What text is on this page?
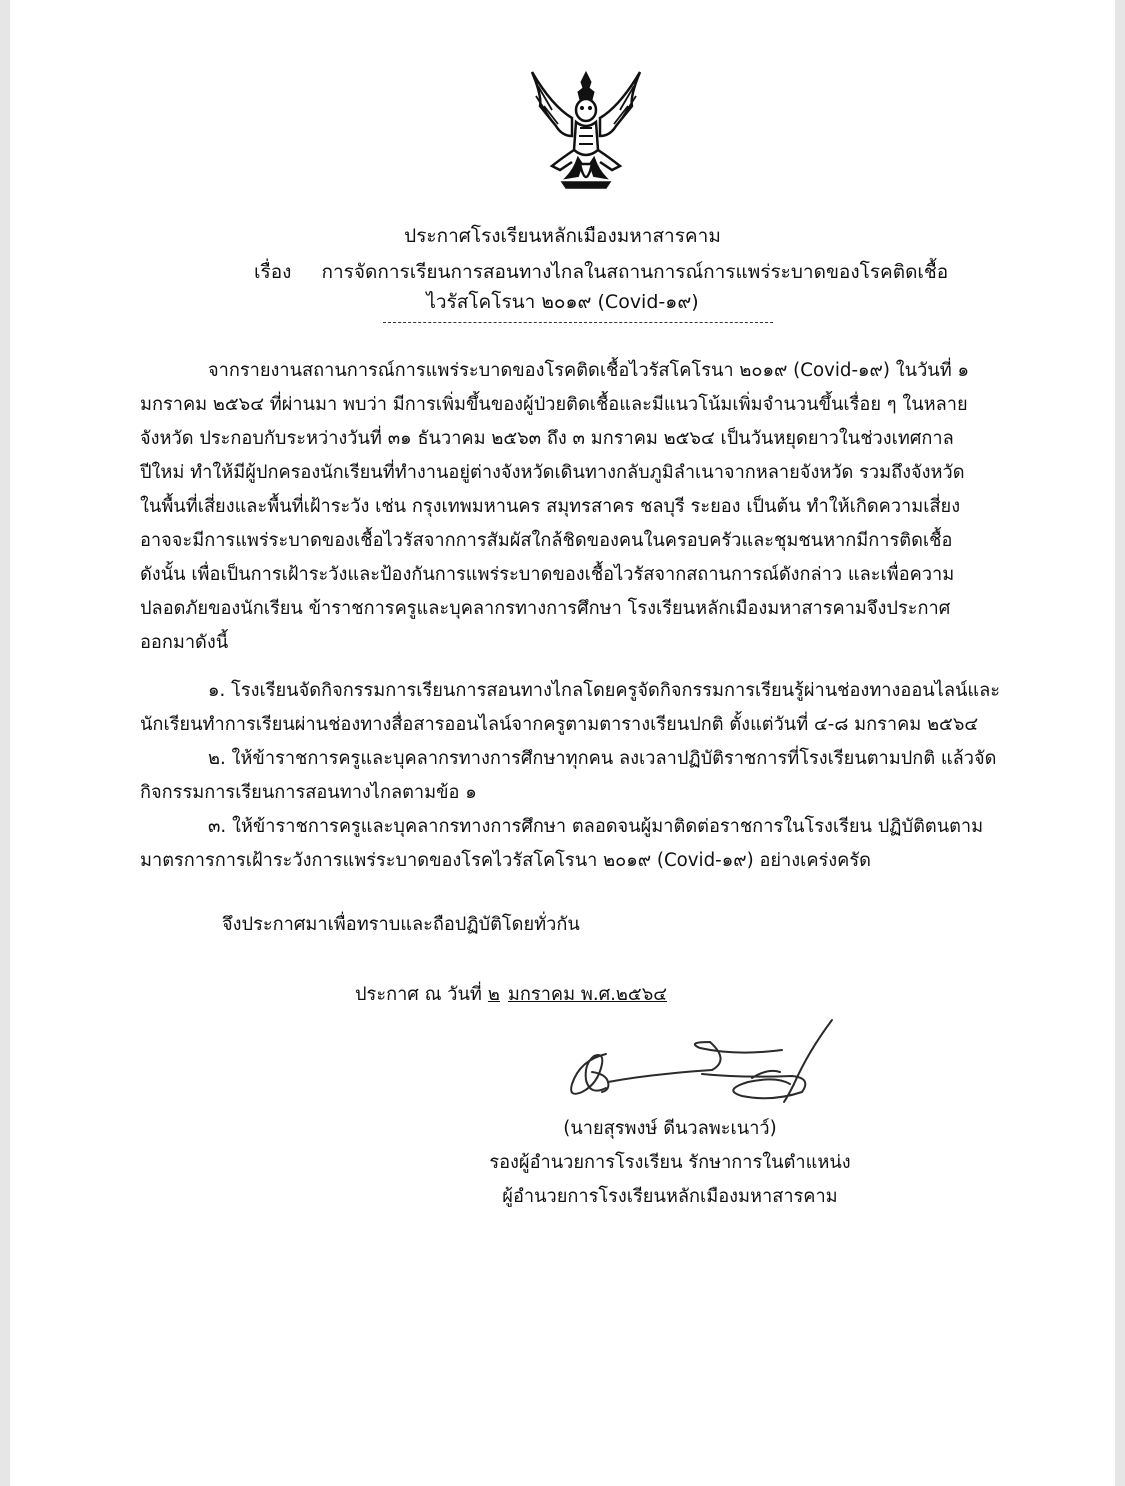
ประกาศโรงเรียนหลักเมืองมหาสารคาม
เรื่อง การจัดการเรียนการสอนทางไกลในสถานการณ์การแพร่ระบาดของโรคติดเชื้อ
ไวรัสโคโรนา ๒๐๑๙ (Covid-๑๙)
จากรายงานสถานการณ์การแพร่ระบาดของโรคติดเชื้อไวรัสโคโรนา ๒๐๑๙ (Covid-๑๙) ในวันที่ ๑
มกราคม ๒๕๖๔ ที่ผ่านมา พบว่า มีการเพิ่มขึ้นของผู้ป่วยติดเชื้อและมีแนวโน้มเพิ่มจำนวนขึ้นเรื่อย ๆ ในหลาย
จังหวัด ประกอบกับระหว่างวันที่ ๓๑ ธันวาคม ๒๕๖๓ ถึง ๓ มกราคม ๒๕๖๔ เป็นวันหยุดยาวในช่วงเทศกาล
ปีใหม่ ทำให้มีผู้ปกครองนักเรียนที่ทำงานอยู่ต่างจังหวัดเดินทางกลับภูมิลำเนาจากหลายจังหวัด รวมถึงจังหวัด
ในพื้นที่เสี่ยงและพื้นที่เฝ้าระวัง เช่น กรุงเทพมหานคร สมุทรสาคร ชลบุรี ระยอง เป็นต้น ทำให้เกิดความเสี่ยง
อาจจะมีการแพร่ระบาดของเชื้อไวรัสจากการสัมผัสใกล้ชิดของคนในครอบครัวและชุมชนหากมีการติดเชื้อ
ดังนั้น เพื่อเป็นการเฝ้าระวังและป้องกันการแพร่ระบาดของเชื้อไวรัสจากสถานการณ์ดังกล่าว และเพื่อความ
ปลอดภัยของนักเรียน ข้าราชการครูและบุคลากรทางการศึกษา โรงเรียนหลักเมืองมหาสารคามจึงประกาศ
ออกมาดังนี้
๑. โรงเรียนจัดกิจกรรมการเรียนการสอนทางไกลโดยครูจัดกิจกรรมการเรียนรู้ผ่านช่องทางออนไลน์และ
นักเรียนทำการเรียนผ่านช่องทางสื่อสารออนไลน์จากครูตามตารางเรียนปกติ ตั้งแต่วันที่ ๔-๘ มกราคม ๒๕๖๔
๒. ให้ข้าราชการครูและบุคลากรทางการศึกษาทุกคน ลงเวลาปฏิบัติราชการที่โรงเรียนตามปกติ แล้วจัด
กิจกรรมการเรียนการสอนทางไกลตามข้อ ๑
๓. ให้ข้าราชการครูและบุคลากรทางการศึกษา ตลอดจนผู้มาติดต่อราชการในโรงเรียน ปฏิบัติตนตาม
มาตรการการเฝ้าระวังการแพร่ระบาดของโรคไวรัสโคโรนา ๒๐๑๙ (Covid-๑๙) อย่างเคร่งครัด
จึงประกาศมาเพื่อทราบและถือปฏิบัติโดยทั่วกัน
ประกาศ ณ วันที่ ๒ มกราคม พ.ศ.๒๕๖๔
(นายสุรพงษ์ ดีนวลพะเนาว์)
รองผู้อำนวยการโรงเรียน รักษาการในตำแหน่ง
ผู้อำนวยการโรงเรียนหลักเมืองมหาสารคาม
